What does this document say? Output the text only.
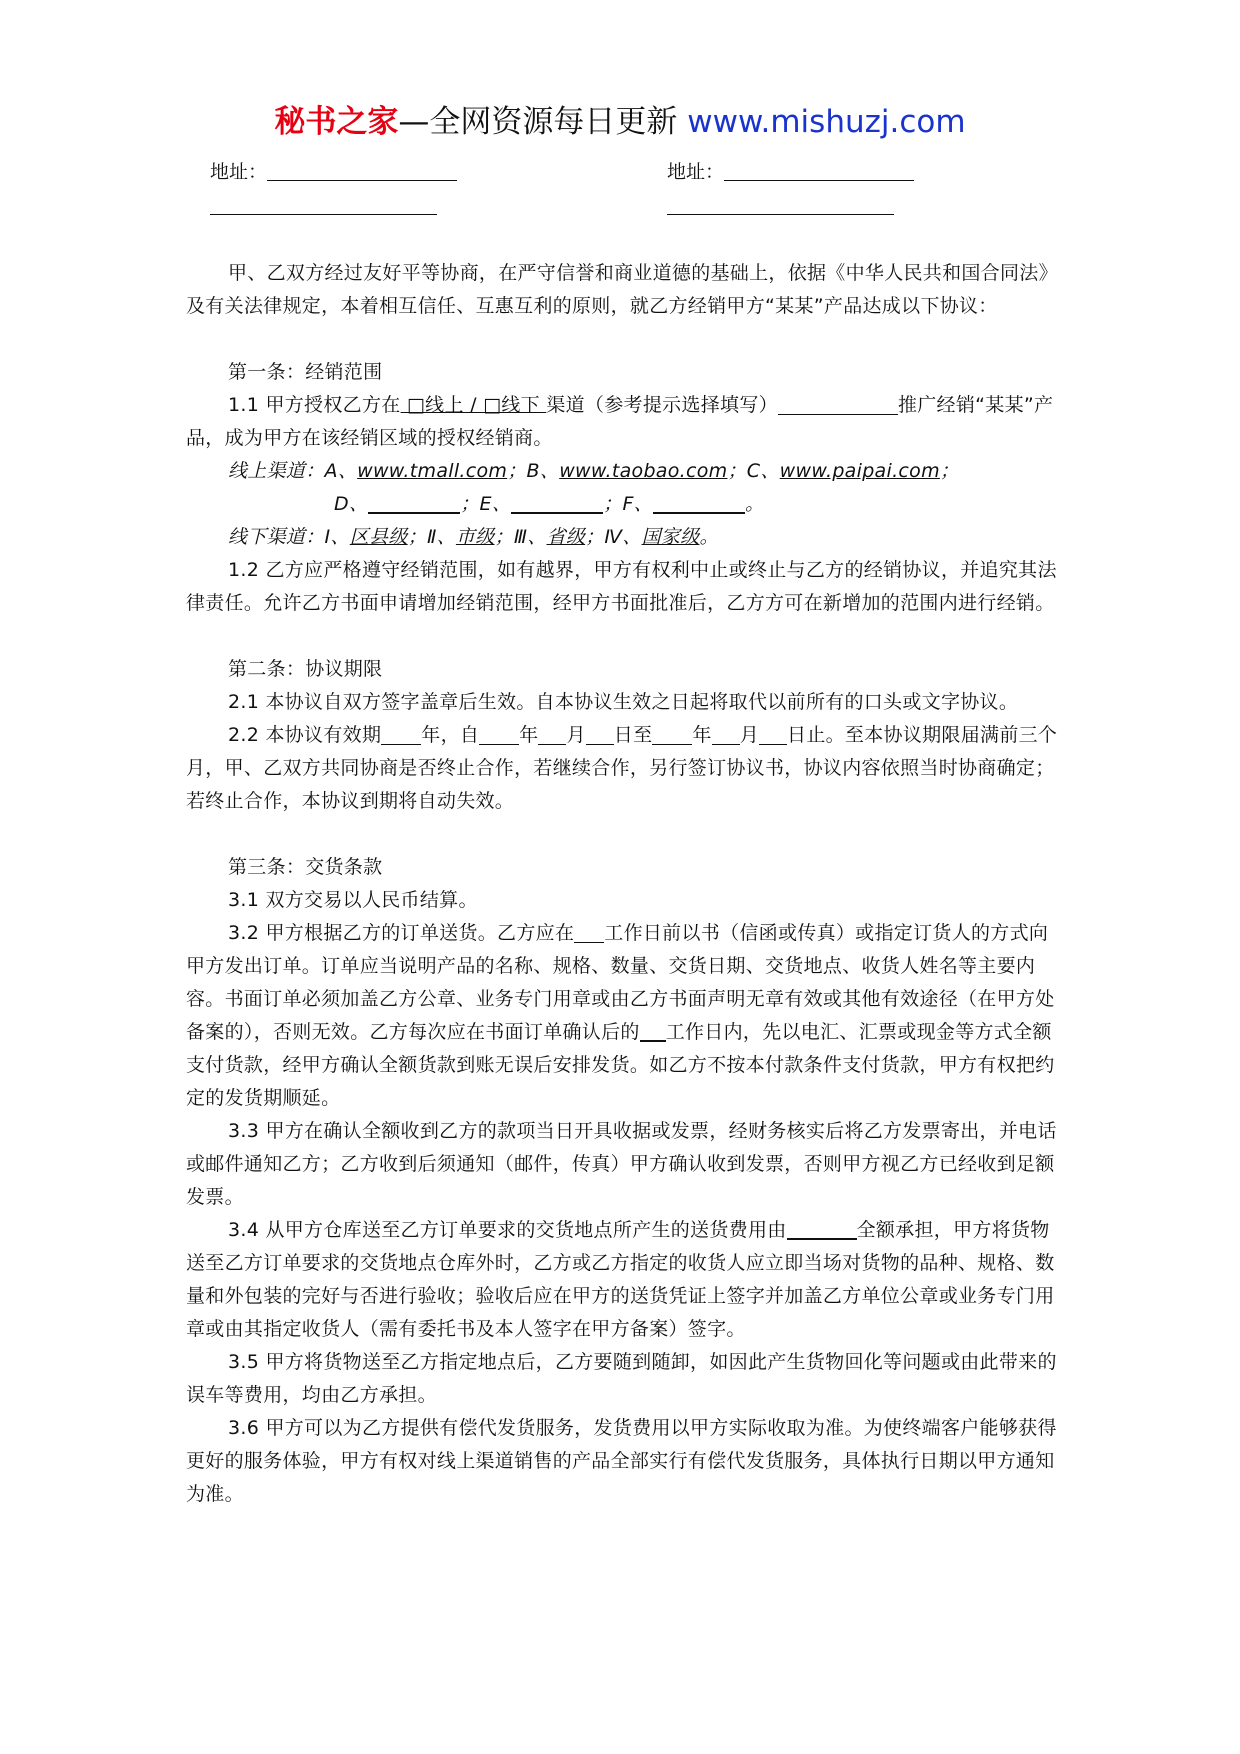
秘书之家—全网资源每日更新 www.mishuzj.com
地址：	地址：

甲、乙双方经过友好平等协商，在严守信誉和商业道德的基础上，依据《中华人民共和国合同法》及有关法律规定，本着相互信任、互惠互利的原则，就乙方经销甲方“某某”产品达成以下协议：

第一条：经销范围

1.1 甲方授权乙方在 □线上 / □线下 渠道（参考提示选择填写）	推广经销“某某”产品，成为甲方在该经销区域的授权经销商。

线上渠道：A、www.tmall.com；B、www.taobao.com；C、www.paipai.com；

D、	；E、	；F、	。

线下渠道：Ⅰ、区县级；Ⅱ、市级；Ⅲ、省级；Ⅳ、国家级。

1.2 乙方应严格遵守经销范围，如有越界，甲方有权利中止或终止与乙方的经销协议，并追究其法律责任。允许乙方书面申请增加经销范围，经甲方书面批准后，乙方方可在新增加的范围内进行经销。

第二条：协议期限

2.1 本协议自双方签字盖章后生效。自本协议生效之日起将取代以前所有的口头或文字协议。

2.2 本协议有效期 年，自 年 月 日至 年 月 日止。至本协议期限届满前三个月，甲、乙双方共同协商是否终止合作，若继续合作，另行签订协议书，协议内容依照当时协商确定；若终止合作，本协议到期将自动失效。

第三条：交货条款

3.1 双方交易以人民币结算。

3.2 甲方根据乙方的订单送货。乙方应在 工作日前以书（信函或传真）或指定订货人的方式向甲方发出订单。订单应当说明产品的名称、规格、数量、交货日期、交货地点、收货人姓名等主要内容。书面订单必须加盖乙方公章、业务专门用章或由乙方书面声明无章有效或其他有效途径（在甲方处备案的），否则无效。乙方每次应在书面订单确认后的 工作日内，先以电汇、汇票或现金等方式全额支付货款，经甲方确认全额货款到账无误后安排发货。如乙方不按本付款条件支付货款，甲方有权把约定的发货期顺延。

3.3 甲方在确认全额收到乙方的款项当日开具收据或发票，经财务核实后将乙方发票寄出，并电话或邮件通知乙方；乙方收到后须通知（邮件，传真）甲方确认收到发票，否则甲方视乙方已经收到足额发票。

3.4 从甲方仓库送至乙方订单要求的交货地点所产生的送货费用由	全额承担，甲方将货物送至乙方订单要求的交货地点仓库外时，乙方或乙方指定的收货人应立即当场对货物的品种、规格、数量和外包装的完好与否进行验收；验收后应在甲方的送货凭证上签字并加盖乙方单位公章或业务专门用章或由其指定收货人（需有委托书及本人签字在甲方备案）签字。

3.5 甲方将货物送至乙方指定地点后，乙方要随到随卸，如因此产生货物回化等问题或由此带来的误车等费用，均由乙方承担。

3.6 甲方可以为乙方提供有偿代发货服务，发货费用以甲方实际收取为准。为使终端客户能够获得更好的服务体验，甲方有权对线上渠道销售的产品全部实行有偿代发货服务，具体执行日期以甲方通知为准。
